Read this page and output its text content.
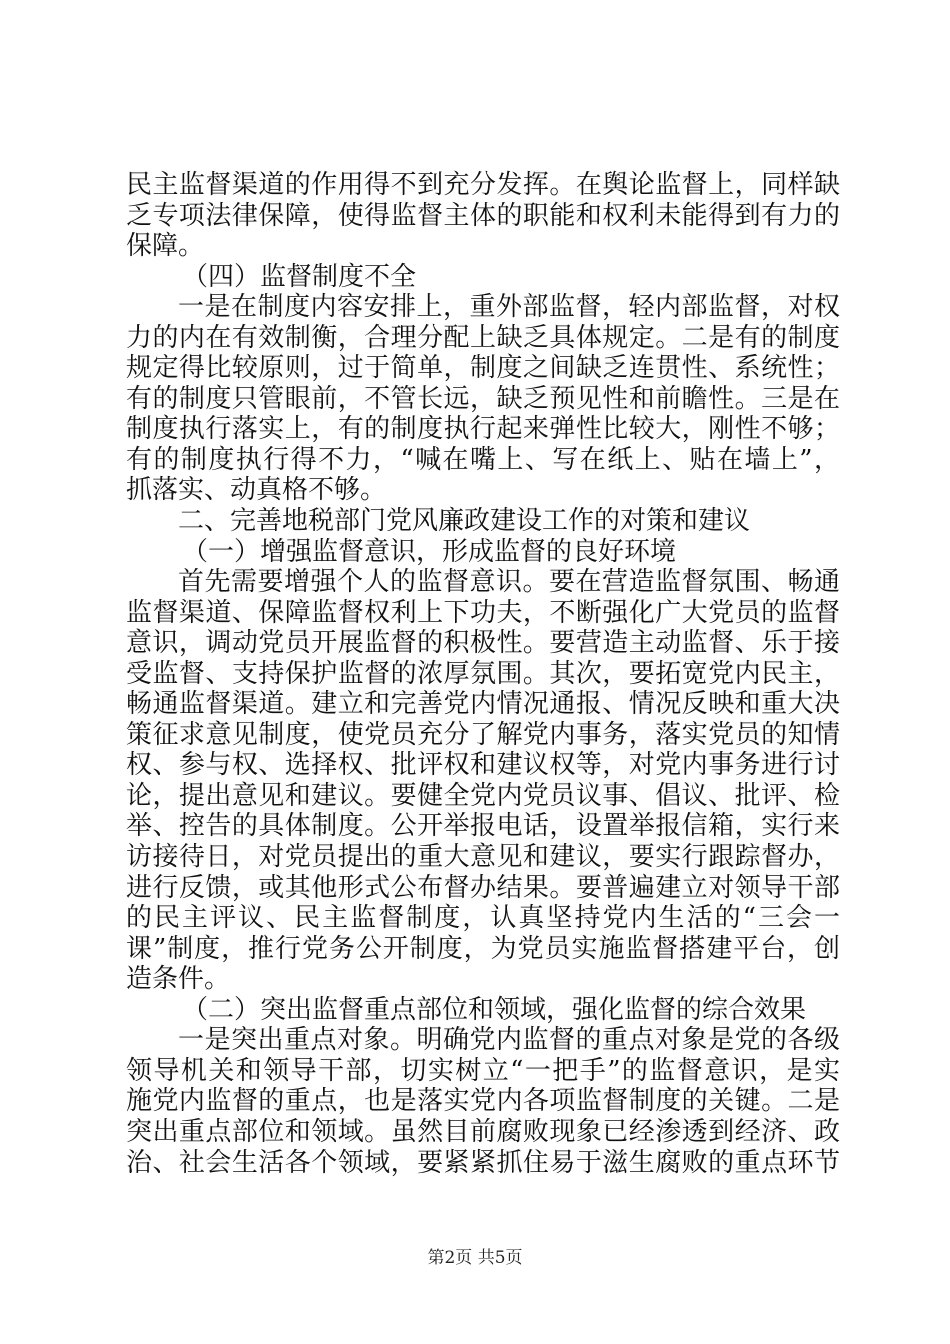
民主监督渠道的作用得不到充分发挥。在舆论监督上，同样缺
乏专项法律保障，使得监督主体的职能和权利未能得到有力的
保障。
（四）监督制度不全
一是在制度内容安排上，重外部监督，轻内部监督，对权
力的内在有效制衡，合理分配上缺乏具体规定。二是有的制度
规定得比较原则，过于简单，制度之间缺乏连贯性、系统性；
有的制度只管眼前，不管长远，缺乏预见性和前瞻性。三是在
制度执行落实上，有的制度执行起来弹性比较大，刚性不够；
有的制度执行得不力，“喊在嘴上、写在纸上、贴在墙上”，
抓落实、动真格不够。
二、完善地税部门党风廉政建设工作的对策和建议
（一）增强监督意识，形成监督的良好环境
首先需要增强个人的监督意识。要在营造监督氛围、畅通
监督渠道、保障监督权利上下功夫，不断强化广大党员的监督
意识，调动党员开展监督的积极性。要营造主动监督、乐于接
受监督、支持保护监督的浓厚氛围。其次，要拓宽党内民主，
畅通监督渠道。建立和完善党内情况通报、情况反映和重大决
策征求意见制度，使党员充分了解党内事务，落实党员的知情
权、参与权、选择权、批评权和建议权等，对党内事务进行讨
论，提出意见和建议。要健全党内党员议事、倡议、批评、检
举、控告的具体制度。公开举报电话，设置举报信箱，实行来
访接待日，对党员提出的重大意见和建议，要实行跟踪督办，
进行反馈，或其他形式公布督办结果。要普遍建立对领导干部
的民主评议、民主监督制度，认真坚持党内生活的“三会一
课”制度，推行党务公开制度，为党员实施监督搭建平台，创
造条件。
（二）突出监督重点部位和领域，强化监督的综合效果
一是突出重点对象。明确党内监督的重点对象是党的各级
领导机关和领导干部，切实树立“一把手”的监督意识，是实
施党内监督的重点，也是落实党内各项监督制度的关键。二是
突出重点部位和领域。虽然目前腐败现象已经渗透到经济、政
治、社会生活各个领域，要紧紧抓住易于滋生腐败的重点环节
第2页 共5页
